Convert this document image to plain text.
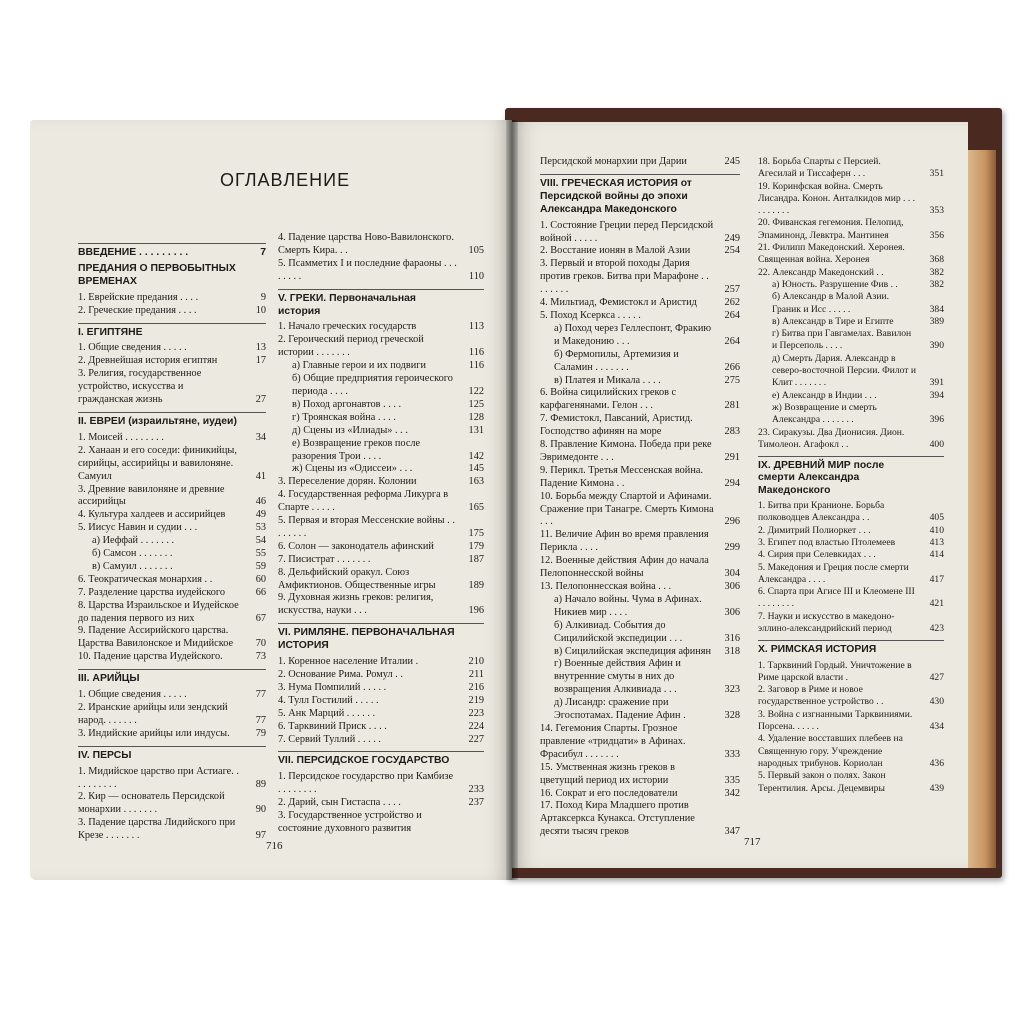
ОГЛАВЛЕНИЕ
ВВЕДЕНИЕ . . . . . . . . .	7
ПРЕДАНИЯ О ПЕРВОБЫТНЫХ ВРЕМЕНАХ
1. Еврейские предания . . . .	9
2. Греческие предания . . . .	10
I. ЕГИПТЯНЕ
1. Общие сведения . . . . .	13
2. Древнейшая история египтян	17
3. Религия, государственное устройство, искусства и гражданская жизнь	27
II. ЕВРЕИ (израильтяне, иудеи)
1. Моисей . . . . . . . .	34
2. Ханаан и его соседи: финикийцы, сирийцы, ассирийцы и вавилоняне. Самуил	41
3. Древние вавилоняне и древние ассирийцы	46
4. Культура халдеев и ассирийцев	49
5. Иисус Навин и судии . . .	53
а) Иеффай . . . . . . .	54
б) Самсон . . . . . . .	55
в) Самуил . . . . . . .	59
6. Теократическая монархия . .	60
7. Разделение царства иудейского	66
8. Царства Израильское и Иудейское до падения первого из них	67
9. Падение Ассирийского царства. Царства Вавилонское и Мидийское	70
10. Падение царства Иудейского.	73
III. АРИЙЦЫ
1. Общие сведения . . . . .	77
2. Иранские арийцы или зендский народ. . . . . . .	77
3. Индийские арийцы или индусы.	79
IV. ПЕРСЫ
1. Мидийское царство при Астиаге. . . . . . . . . .	89
2. Кир — основатель Персидской монархии . . . . . . .	90
3. Падение царства Лидийского при Крезе . . . . . . .	97
4. Падение царства Ново-Вавилонского. Смерть Кира. . .	105
5. Псамметих I и последние фараоны . . . . . . . .	110
V. ГРЕКИ. Первоначальная история
1. Начало греческих государств	113
2. Героический период греческой истории . . . . . . .	116
а) Главные герои и их подвиги	116
б) Общие предприятия героического периода . . . .	122
в) Поход аргонавтов . . . .	125
г) Троянская война . . . .	128
д) Сцены из «Илиады» . . .	131
е) Возвращение греков после разорения Трои . . . .	142
ж) Сцены из «Одиссеи» . . .	145
3. Переселение дорян. Колонии	163
4. Государственная реформа Ликурга в Спарте . . . . .	165
5. Первая и вторая Мессенские войны . . . . . . . .	175
6. Солон — законодатель афинский	179
7. Писистрат . . . . . . .	187
8. Дельфийский оракул. Союз Амфиктионов. Общественные игры	189
9. Духовная жизнь греков: религия, искусства, науки . . .	196
VI. РИМЛЯНЕ. ПЕРВОНАЧАЛЬНАЯ ИСТОРИЯ
1. Коренное население Италии .	210
2. Основание Рима. Ромул . .	211
3. Нума Помпилий . . . . .	216
4. Тулл Гостилий . . . . .	219
5. Анк Марций . . . . . .	223
6. Тарквиний Приск . . . .	224
7. Сервий Туллий . . . . .	227
VII. ПЕРСИДСКОЕ ГОСУДАРСТВО
1. Персидское государство при Камбизе . . . . . . . .	233
2. Дарий, сын Гистаспа . . . .	237
3. Государственное устройство и состояние духовного развития
Персидской монархии при Дарии	245
VIII. ГРЕЧЕСКАЯ ИСТОРИЯ от Персидской войны до эпохи Александра Македонского
1. Состояние Греции перед Персидской войной . . . . .	249
2. Восстание ионян в Малой Азии	254
3. Первый и второй походы Дария против греков. Битва при Марафоне . . . . . . . .	257
4. Мильтиад, Фемистокл и Аристид	262
5. Поход Ксеркса . . . . .	264
а) Поход через Геллеспонт, Фракию и Македонию . . .	264
б) Фермопилы, Артемизия и Саламин . . . . . . .	266
в) Платея и Микала . . . .	275
6. Война сицилийских греков с карфагенянами. Гелон . . .	281
7. Фемистокл, Павсаний, Аристид. Господство афинян на море	283
8. Правление Кимона. Победа при реке Эвримедонте . . .	291
9. Перикл. Третья Мессенская война. Падение Кимона . .	294
10. Борьба между Спартой и Афинами. Сражение при Танагре. Смерть Кимона . . .	296
11. Величие Афин во время правления Перикла . . . .	299
12. Военные действия Афин до начала Пелопоннесской войны	304
13. Пелопоннесская война . . .	306
а) Начало войны. Чума в Афинах. Никиев мир . . . .	306
б) Алкивиад. События до Сицилийской экспедиции . . .	316
в) Сицилийская экспедиция афинян	318
г) Военные действия Афин и внутренние смуты в них до возвращения Алкивиада . . .	323
д) Лисандр: сражение при Эгоспотамах. Падение Афин .	328
14. Гегемония Спарты. Грозное правление «тридцати» в Афинах. Фрасибул . . . . . . .	333
15. Умственная жизнь греков в цветущий период их истории	335
16. Сократ и его последователи	342
17. Поход Кира Младшего против Артаксеркса Кунакса. Отступление десяти тысяч греков	347
18. Борьба Спарты с Персией. Агесилай и Тиссаферн . . .	351
19. Коринфская война. Смерть Лисандра. Конон. Анталкидов мир . . . . . . . . . .	353
20. Фиванская гегемония. Пелопид, Эпаминонд, Левктра. Мантинея	356
21. Филипп Македонский. Херонея. Священная война. Херонея	368
22. Александр Македонский . .	382
а) Юность. Разрушение Фив . .	382
б) Александр в Малой Азии. Граник и Исс . . . . .	384
в) Александр в Тире и Египте	389
г) Битва при Гавгамелах. Вавилон и Персеполь . . . .	390
д) Смерть Дария. Александр в северо-восточной Персии. Филот и Клит . . . . . . .	391
е) Александр в Индии . . .	394
ж) Возвращение и смерть Александра . . . . . . .	396
23. Сиракузы. Два Дионисия. Дион. Тимолеон. Агафокл . .	400
IX. ДРЕВНИЙ МИР после смерти Александра Македонского
1. Битва при Кранионе. Борьба полководцев Александра . .	405
2. Димитрий Полиоркет . . .	410
3. Египет под властью Птолемеев	413
4. Сирия при Селевкидах . . .	414
5. Македония и Греция после смерти Александра . . . .	417
6. Спарта при Агисе III и Клеомене III . . . . . . . .	421
7. Науки и искусство в македоно-эллино-александрийский период	423
X. РИМСКАЯ ИСТОРИЯ
1. Тарквиний Гордый. Уничтожение в Риме царской власти .	427
2. Заговор в Риме и новое государственное устройство . .	430
3. Война с изгнанными Тарквиниями. Порсена. . . . . .	434
4. Удаление восставших плебеев на Священную гору. Учреждение народных трибунов. Кориолан	436
5. Первый закон о полях. Закон Терентилия. Арсы. Децемвиры	439
716	717
